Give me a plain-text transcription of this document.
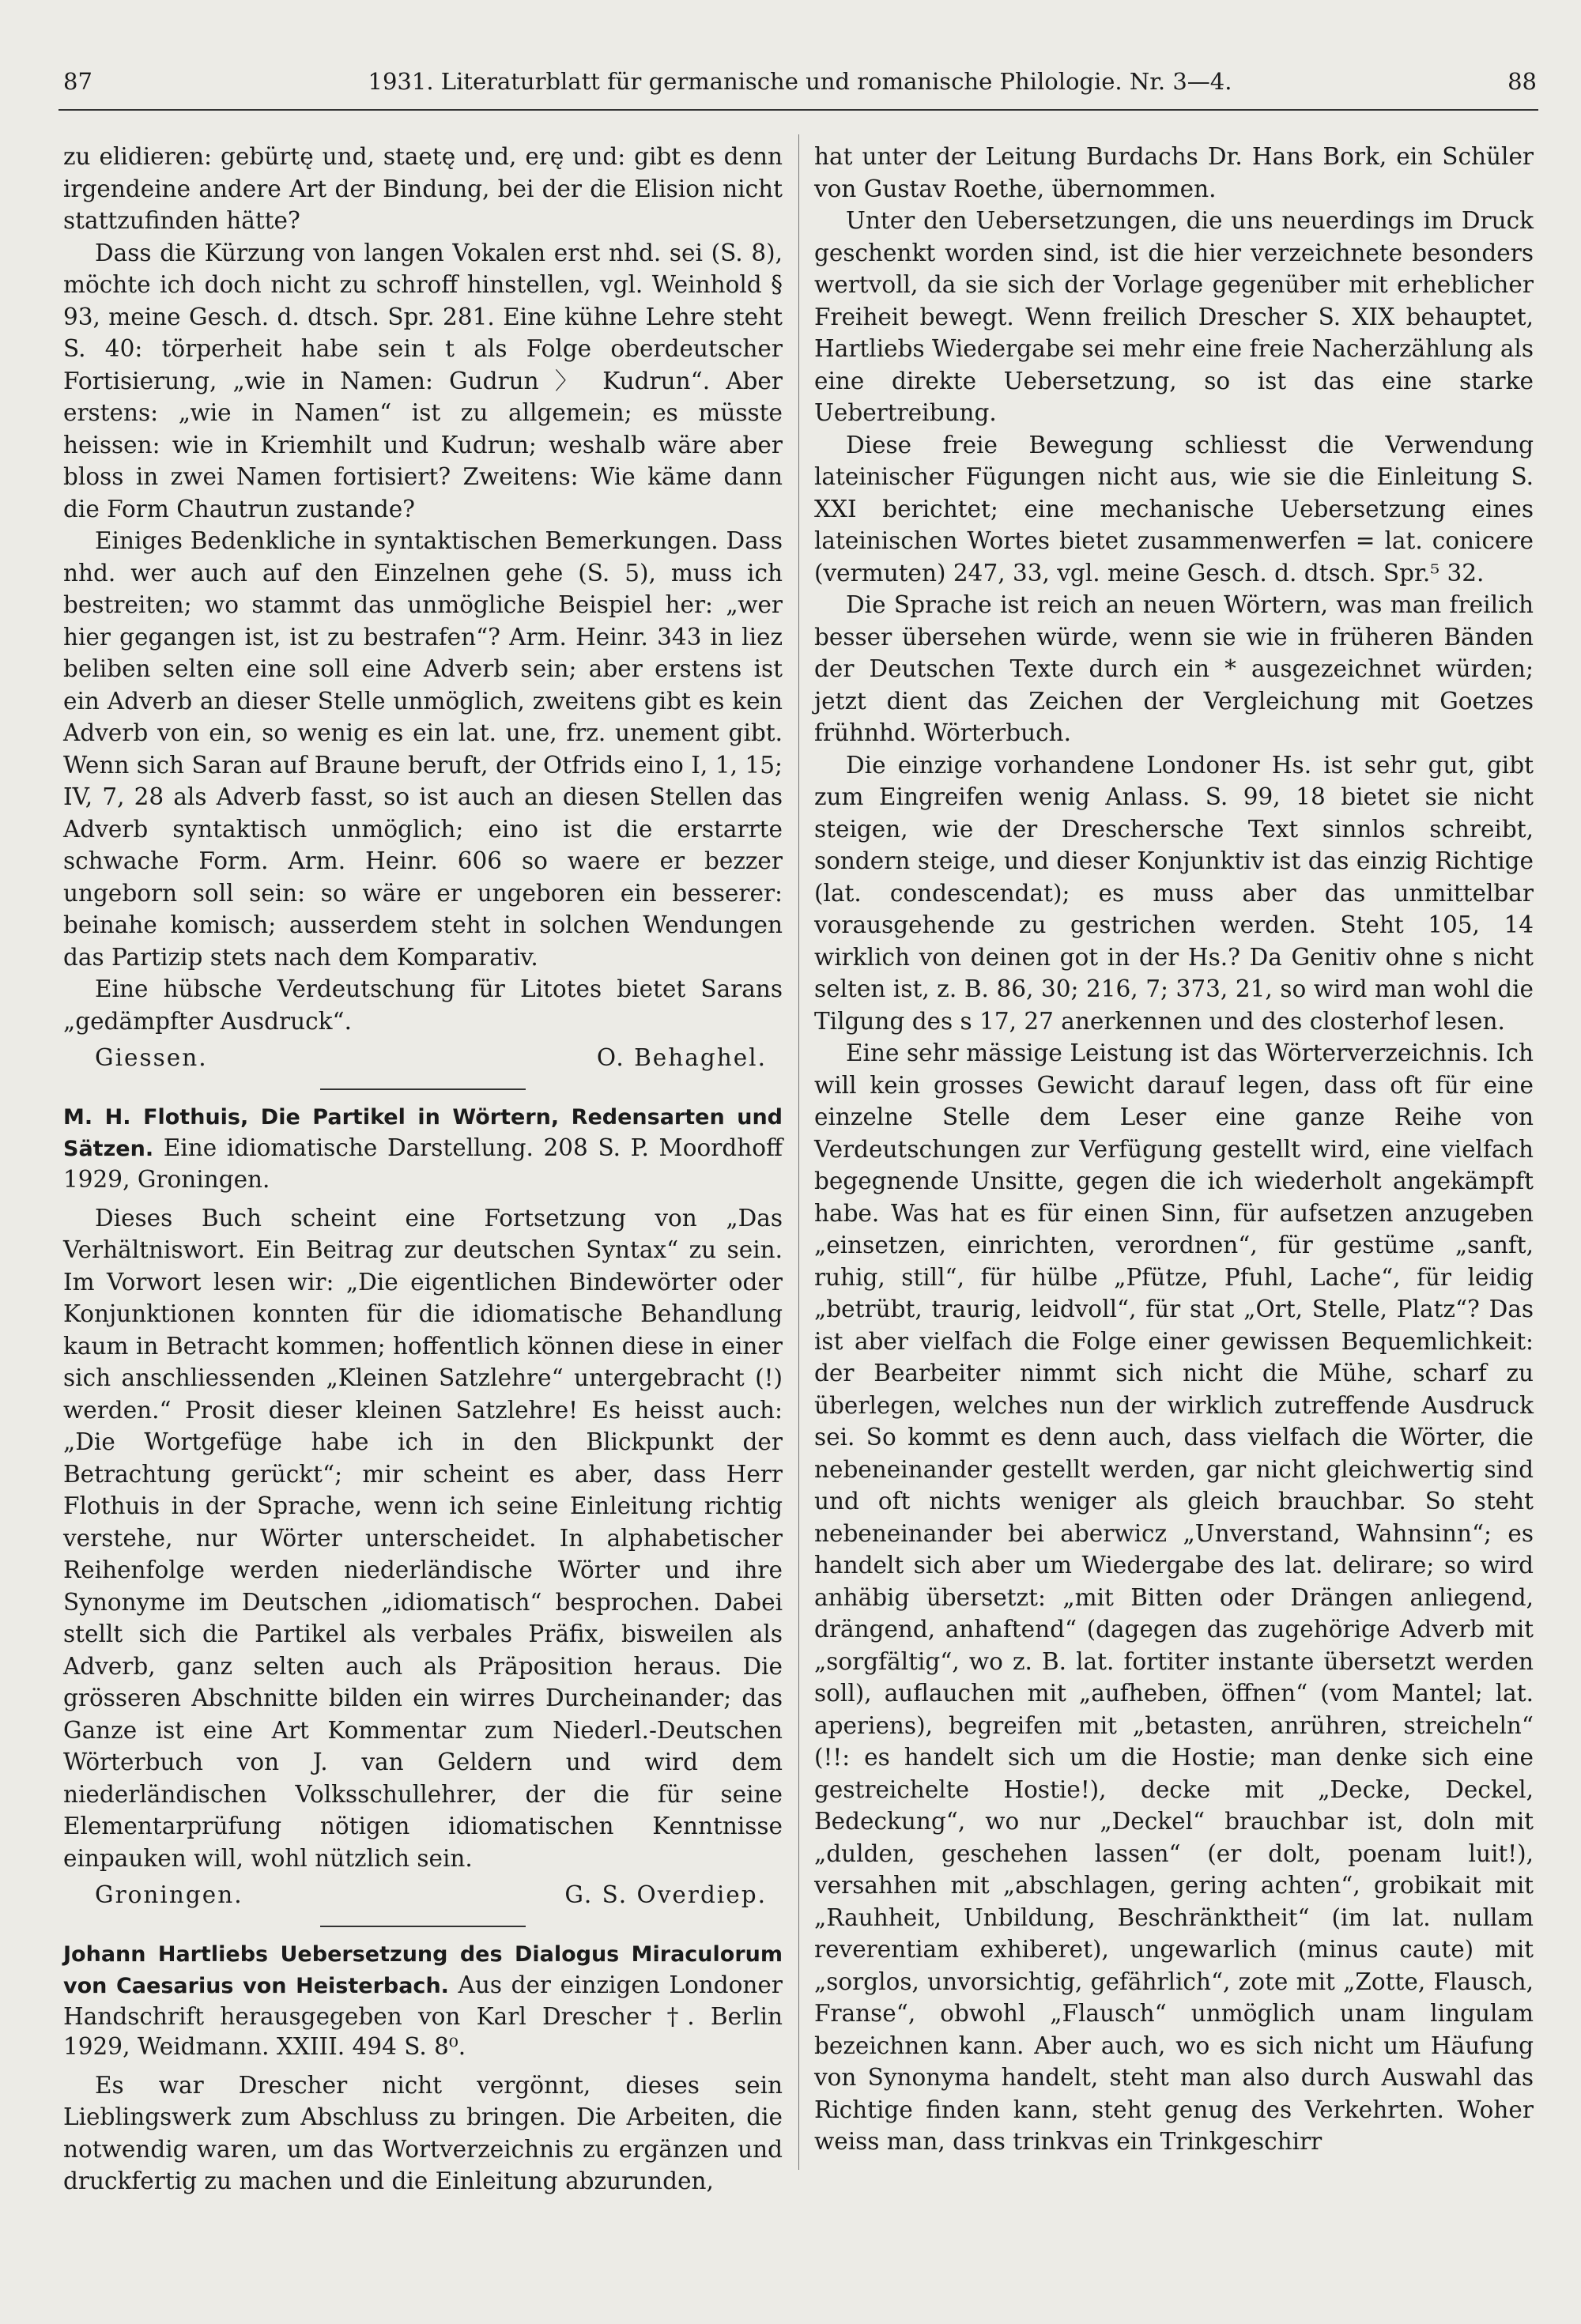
87	1931. Literaturblatt für germanische und romanische Philologie. Nr. 3—4.	88

zu elidieren: gebürtę und, staetę und, erę und: gibt es denn irgendeine andere Art der Bindung, bei der die Elision nicht stattzufinden hätte?

Dass die Kürzung von langen Vokalen erst nhd. sei (S. 8), möchte ich doch nicht zu schroff hinstellen, vgl. Weinhold § 93, meine Gesch. d. dtsch. Spr. 281. Eine kühne Lehre steht S. 40: törperheit habe sein t als Folge oberdeutscher Fortisierung, „wie in Namen: Gudrun 〉 Kudrun“. Aber erstens: „wie in Namen“ ist zu allgemein; es müsste heissen: wie in Kriemhilt und Kudrun; weshalb wäre aber bloss in zwei Namen fortisiert? Zweitens: Wie käme dann die Form Chautrun zustande?

Einiges Bedenkliche in syntaktischen Bemerkungen. Dass nhd. wer auch auf den Einzelnen gehe (S. 5), muss ich bestreiten; wo stammt das unmögliche Beispiel her: „wer hier gegangen ist, ist zu bestrafen“? Arm. Heinr. 343 in liez beliben selten eine soll eine Adverb sein; aber erstens ist ein Adverb an dieser Stelle unmöglich, zweitens gibt es kein Adverb von ein, so wenig es ein lat. une, frz. unement gibt. Wenn sich Saran auf Braune beruft, der Otfrids eino I, 1, 15; IV, 7, 28 als Adverb fasst, so ist auch an diesen Stellen das Adverb syntaktisch unmöglich; eino ist die erstarrte schwache Form. Arm. Heinr. 606 so waere er bezzer ungeborn soll sein: so wäre er ungeboren ein besserer: beinahe komisch; ausserdem steht in solchen Wendungen das Partizip stets nach dem Komparativ.

Eine hübsche Verdeutschung für Litotes bietet Sarans „gedämpfter Ausdruck“.

Giessen.	O. Behaghel.
M. H. Flothuis, Die Partikel in Wörtern, Redensarten und Sätzen. Eine idiomatische Darstellung. 208 S. P. Moordhoff 1929, Groningen.

Dieses Buch scheint eine Fortsetzung von „Das Verhältniswort. Ein Beitrag zur deutschen Syntax“ zu sein. Im Vorwort lesen wir: „Die eigentlichen Bindewörter oder Konjunktionen konnten für die idiomatische Behandlung kaum in Betracht kommen; hoffentlich können diese in einer sich anschliessenden „Kleinen Satzlehre“ untergebracht (!) werden.“ Prosit dieser kleinen Satzlehre! Es heisst auch: „Die Wortgefüge habe ich in den Blickpunkt der Betrachtung gerückt“; mir scheint es aber, dass Herr Flothuis in der Sprache, wenn ich seine Einleitung richtig verstehe, nur Wörter unterscheidet. In alphabetischer Reihenfolge werden niederländische Wörter und ihre Synonyme im Deutschen „idiomatisch“ besprochen. Dabei stellt sich die Partikel als verbales Präfix, bisweilen als Adverb, ganz selten auch als Präposition heraus. Die grösseren Abschnitte bilden ein wirres Durcheinander; das Ganze ist eine Art Kommentar zum Niederl.-Deutschen Wörterbuch von J. van Geldern und wird dem niederländischen Volksschullehrer, der die für seine Elementarprüfung nötigen idiomatischen Kenntnisse einpauken will, wohl nützlich sein.

Groningen.	G. S. Overdiep.
Johann Hartliebs Uebersetzung des Dialogus Miraculorum von Caesarius von Heisterbach. Aus der einzigen Londoner Handschrift herausgegeben von Karl Drescher †. Berlin 1929, Weidmann. XXIII. 494 S. 8⁰.

Es war Drescher nicht vergönnt, dieses sein Lieblingswerk zum Abschluss zu bringen. Die Arbeiten, die notwendig waren, um das Wortverzeichnis zu ergänzen und druckfertig zu machen und die Einleitung abzurunden,

hat unter der Leitung Burdachs Dr. Hans Bork, ein Schüler von Gustav Roethe, übernommen.

Unter den Uebersetzungen, die uns neuerdings im Druck geschenkt worden sind, ist die hier verzeichnete besonders wertvoll, da sie sich der Vorlage gegenüber mit erheblicher Freiheit bewegt. Wenn freilich Drescher S. XIX behauptet, Hartliebs Wiedergabe sei mehr eine freie Nacherzählung als eine direkte Uebersetzung, so ist das eine starke Uebertreibung.

Diese freie Bewegung schliesst die Verwendung lateinischer Fügungen nicht aus, wie sie die Einleitung S. XXI berichtet; eine mechanische Uebersetzung eines lateinischen Wortes bietet zusammenwerfen = lat. conicere (vermuten) 247, 33, vgl. meine Gesch. d. dtsch. Spr.⁵ 32.

Die Sprache ist reich an neuen Wörtern, was man freilich besser übersehen würde, wenn sie wie in früheren Bänden der Deutschen Texte durch ein * ausgezeichnet würden; jetzt dient das Zeichen der Vergleichung mit Goetzes frühnhd. Wörterbuch.

Die einzige vorhandene Londoner Hs. ist sehr gut, gibt zum Eingreifen wenig Anlass. S. 99, 18 bietet sie nicht steigen, wie der Dreschersche Text sinnlos schreibt, sondern steige, und dieser Konjunktiv ist das einzig Richtige (lat. condescendat); es muss aber das unmittelbar vorausgehende zu gestrichen werden. Steht 105, 14 wirklich von deinen got in der Hs.? Da Genitiv ohne s nicht selten ist, z. B. 86, 30; 216, 7; 373, 21, so wird man wohl die Tilgung des s 17, 27 anerkennen und des closterhof lesen.

Eine sehr mässige Leistung ist das Wörterverzeichnis. Ich will kein grosses Gewicht darauf legen, dass oft für eine einzelne Stelle dem Leser eine ganze Reihe von Verdeutschungen zur Verfügung gestellt wird, eine vielfach begegnende Unsitte, gegen die ich wiederholt angekämpft habe. Was hat es für einen Sinn, für aufsetzen anzugeben „einsetzen, einrichten, verordnen“, für gestüme „sanft, ruhig, still“, für hülbe „Pfütze, Pfuhl, Lache“, für leidig „betrübt, traurig, leidvoll“, für stat „Ort, Stelle, Platz“? Das ist aber vielfach die Folge einer gewissen Bequemlichkeit: der Bearbeiter nimmt sich nicht die Mühe, scharf zu überlegen, welches nun der wirklich zutreffende Ausdruck sei. So kommt es denn auch, dass vielfach die Wörter, die nebeneinander gestellt werden, gar nicht gleichwertig sind und oft nichts weniger als gleich brauchbar. So steht nebeneinander bei aberwicz „Unverstand, Wahnsinn“; es handelt sich aber um Wiedergabe des lat. delirare; so wird anhäbig übersetzt: „mit Bitten oder Drängen anliegend, drängend, anhaftend“ (dagegen das zugehörige Adverb mit „sorgfältig“, wo z. B. lat. fortiter instante übersetzt werden soll), auflauchen mit „aufheben, öffnen“ (vom Mantel; lat. aperiens), begreifen mit „betasten, anrühren, streicheln“ (!!: es handelt sich um die Hostie; man denke sich eine gestreichelte Hostie!), decke mit „Decke, Deckel, Bedeckung“, wo nur „Deckel“ brauchbar ist, doln mit „dulden, geschehen lassen“ (er dolt, poenam luit!), versahhen mit „abschlagen, gering achten“, grobikait mit „Rauhheit, Unbildung, Beschränktheit“ (im lat. nullam reverentiam exhiberet), ungewarlich (minus caute) mit „sorglos, unvorsichtig, gefährlich“, zote mit „Zotte, Flausch, Franse“, obwohl „Flausch“ unmöglich unam lingulam bezeichnen kann. Aber auch, wo es sich nicht um Häufung von Synonyma handelt, steht man also durch Auswahl das Richtige finden kann, steht genug des Verkehrten. Woher weiss man, dass trinkvas ein Trinkgeschirr
